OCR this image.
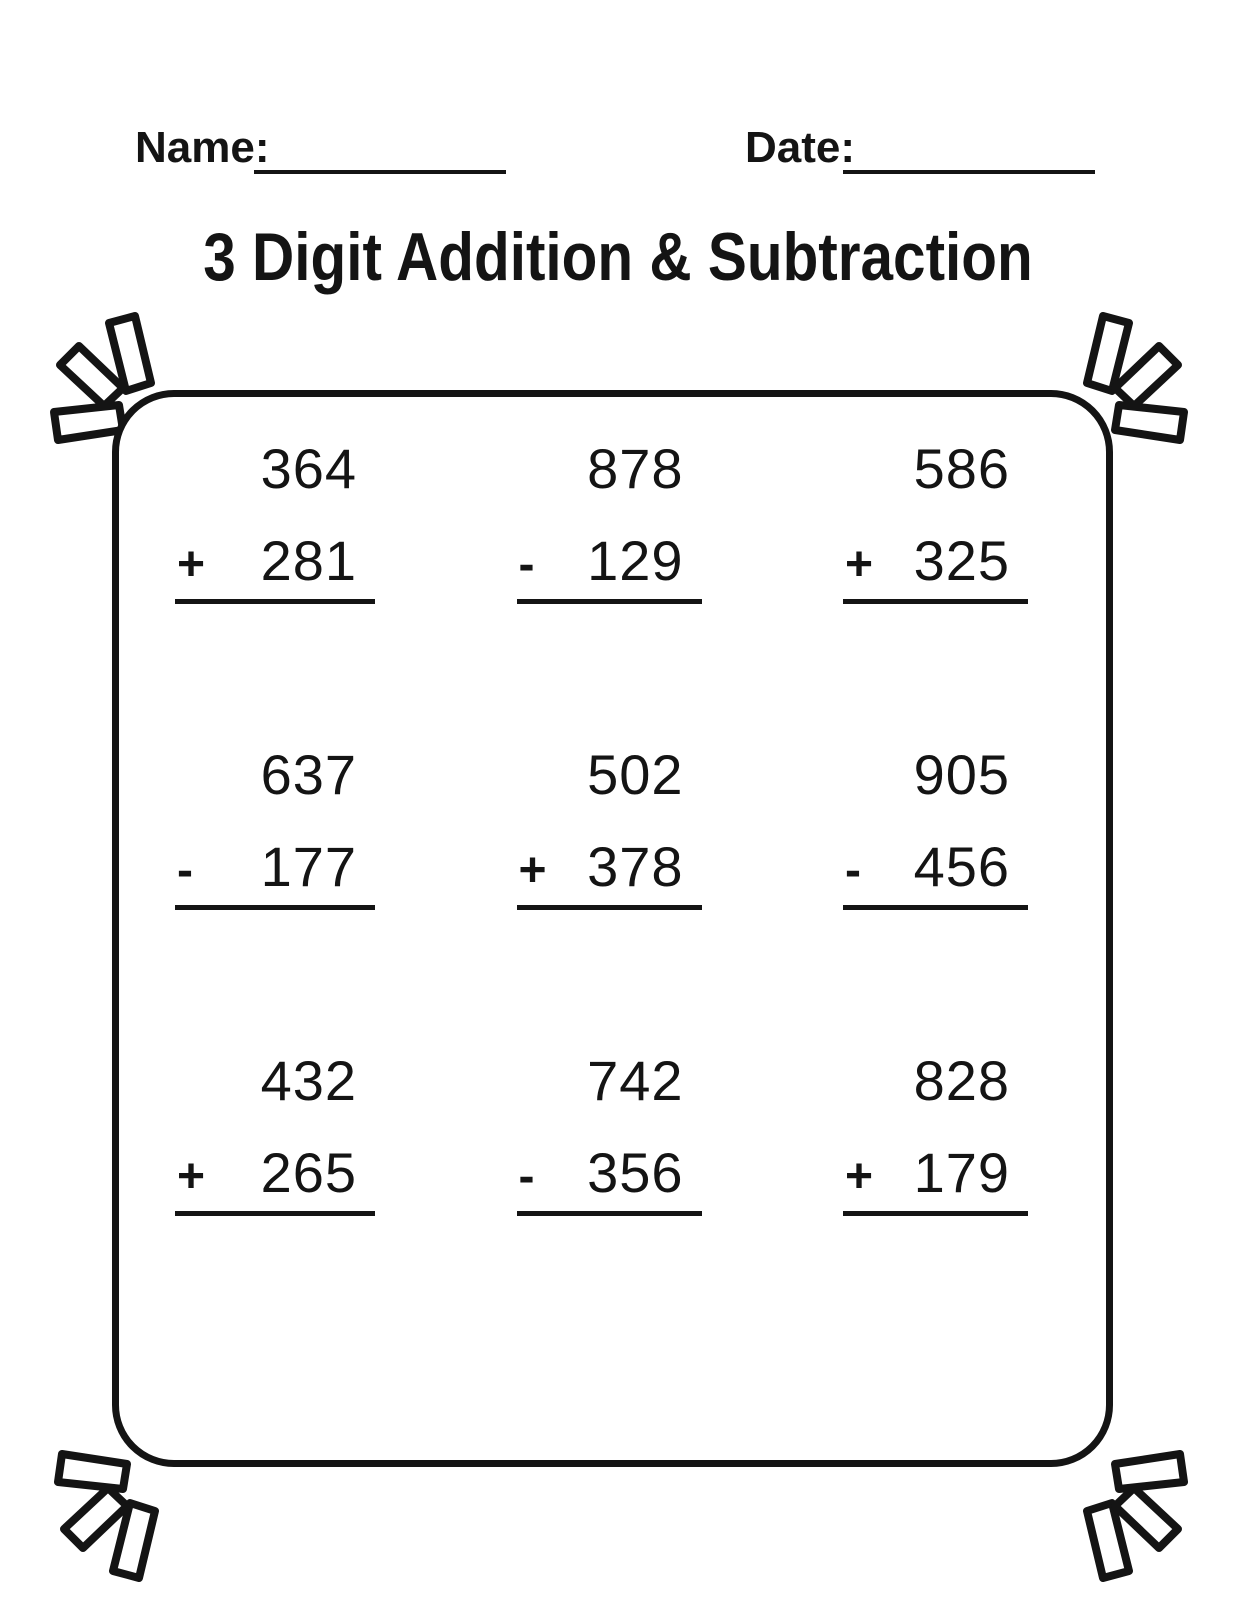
Name:	Date:
3 Digit Addition & Subtraction
364
+ 281
878
- 129
586
+ 325
637
-	177
502
+ 378
905
- 456
432
+ 265
742
- 356
828
+ 179
